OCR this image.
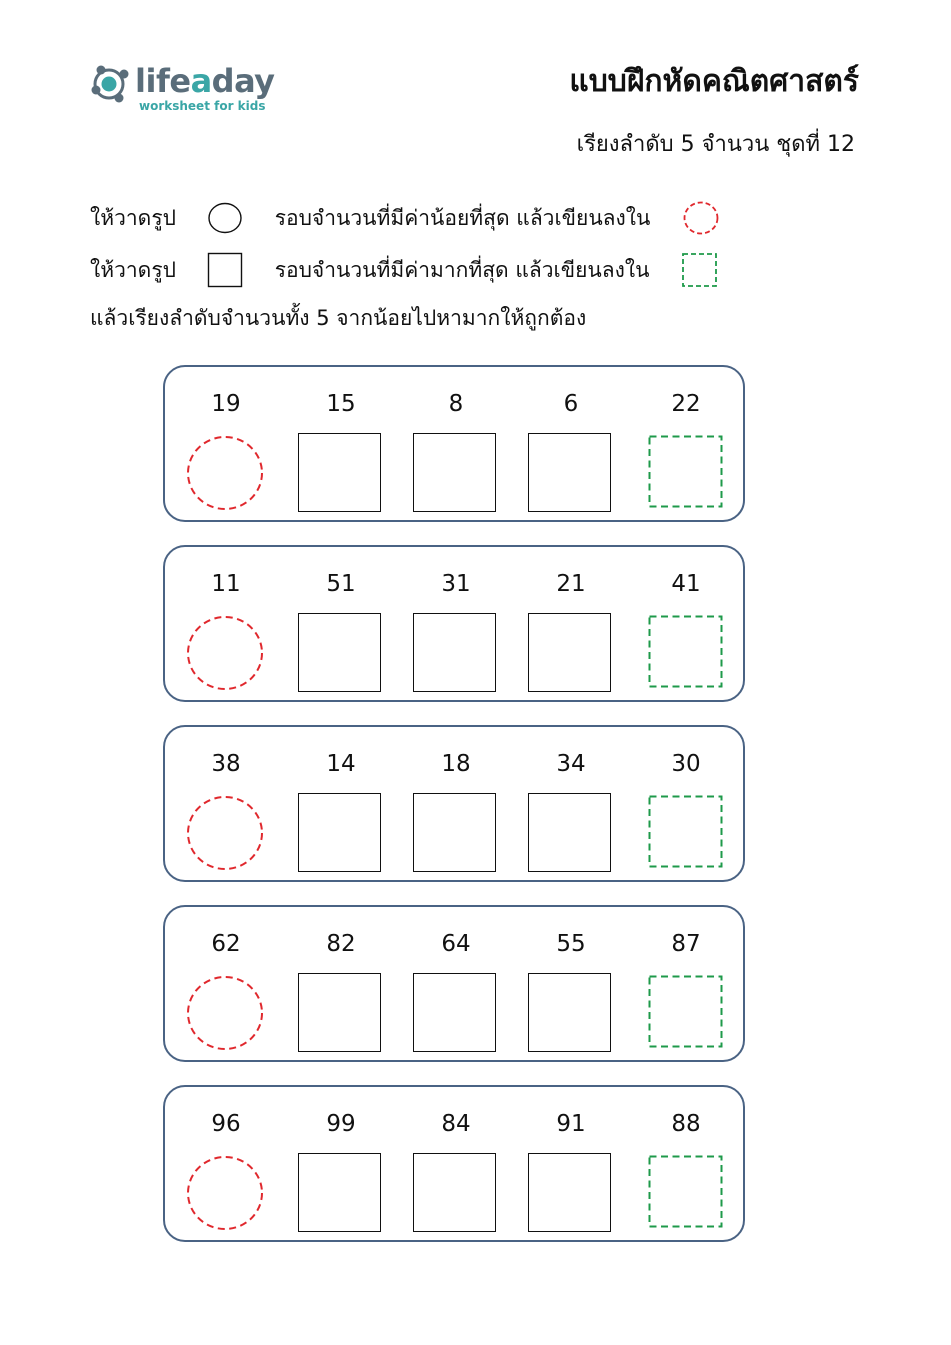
lifeaday
worksheet for kids
แบบฝึกหัดคณิตศาสตร์
เรียงลำดับ 5 จำนวน ชุดที่ 12
ให้วาดรูป	รอบจำนวนที่มีค่าน้อยที่สุด แล้วเขียนลงใน
ให้วาดรูป	รอบจำนวนที่มีค่ามากที่สุด แล้วเขียนลงใน
แล้วเรียงลำดับจำนวนทั้ง 5 จากน้อยไปหามากให้ถูกต้อง
19	15	8	6	22
11	51	31	21	41
38	14	18	34	30
62	82	64	55	87
96	99	84	91	88
